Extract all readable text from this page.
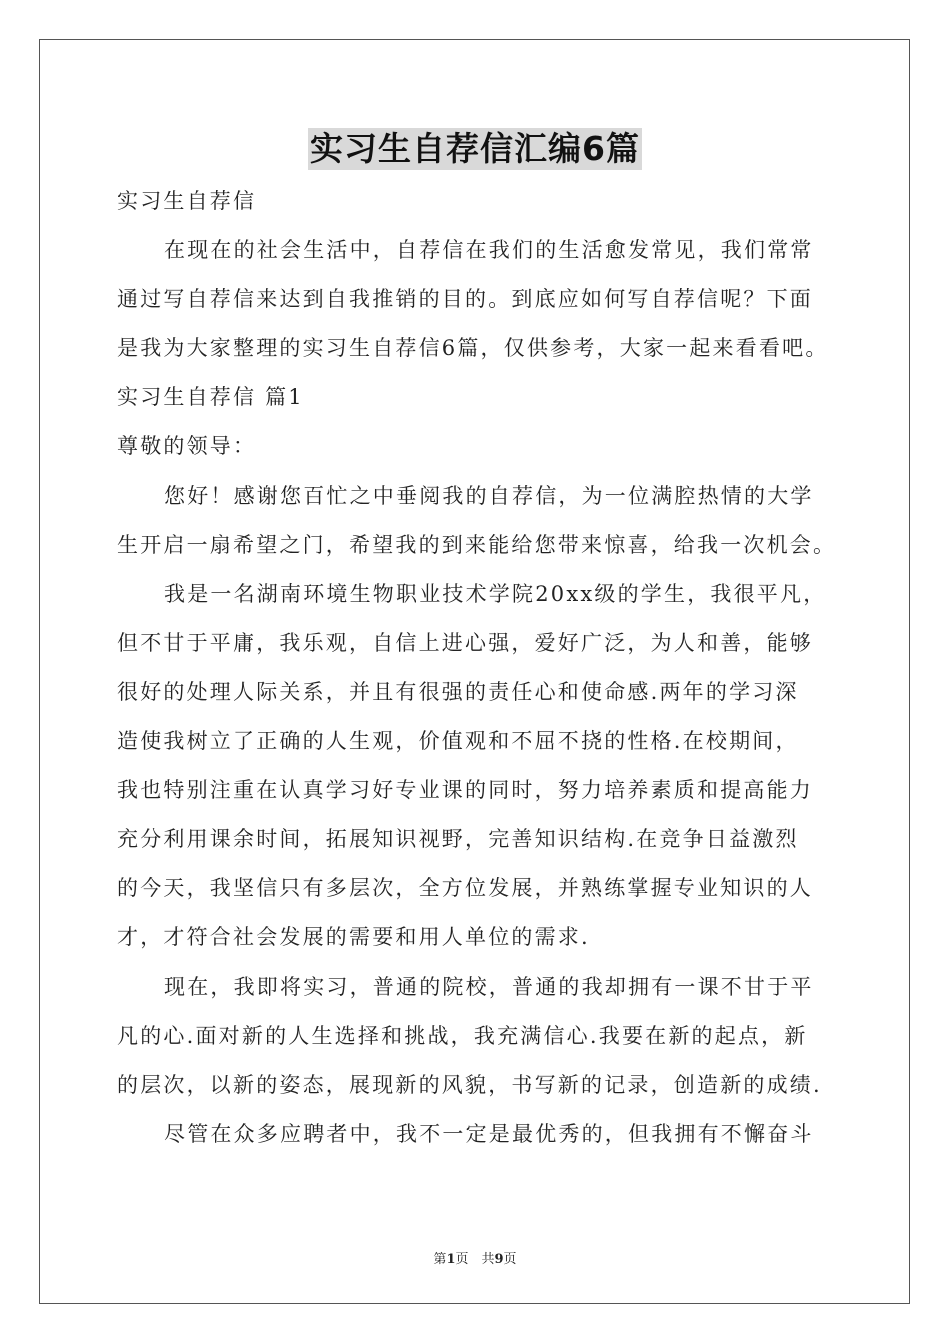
实习生自荐信汇编6篇
实习生自荐信
在现在的社会生活中，自荐信在我们的生活愈发常见，我们常常
通过写自荐信来达到自我推销的目的。到底应如何写自荐信呢？下面
是我为大家整理的实习生自荐信6篇，仅供参考，大家一起来看看吧。
实习生自荐信 篇1
尊敬的领导：
您好！感谢您百忙之中垂阅我的自荐信，为一位满腔热情的大学
生开启一扇希望之门，希望我的到来能给您带来惊喜，给我一次机会。
我是一名湖南环境生物职业技术学院20xx级的学生，我很平凡，
但不甘于平庸，我乐观，自信上进心强，爱好广泛，为人和善，能够
很好的处理人际关系，并且有很强的责任心和使命感.两年的学习深
造使我树立了正确的人生观，价值观和不屈不挠的性格.在校期间，
我也特别注重在认真学习好专业课的同时，努力培养素质和提高能力
充分利用课余时间，拓展知识视野，完善知识结构.在竞争日益激烈
的今天，我坚信只有多层次，全方位发展，并熟练掌握专业知识的人
才，才符合社会发展的需要和用人单位的需求.
现在，我即将实习，普通的院校，普通的我却拥有一课不甘于平
凡的心.面对新的人生选择和挑战，我充满信心.我要在新的起点，新
的层次，以新的姿态，展现新的风貌，书写新的记录，创造新的成绩.
尽管在众多应聘者中，我不一定是最优秀的，但我拥有不懈奋斗
第1页　共9页
